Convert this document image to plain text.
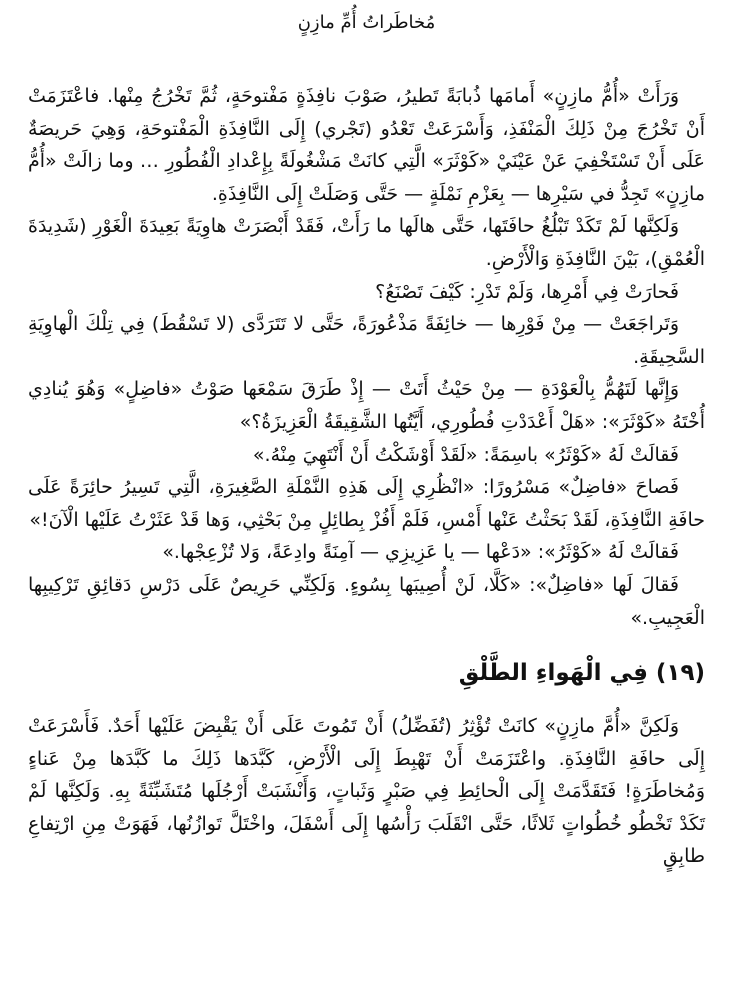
مُخاطَراتُ أُمِّ مازِنٍ

وَرَأَتْ «أُمُّ مازِنٍ» أَمامَها ذُبابَةً تَطيرُ، صَوْبَ نافِذَةٍ مَفْتوحَةٍ، ثُمَّ تَخْرُجُ مِنْها. فاعْتَزَمَتْ أَنْ تَخْرُجَ مِنْ ذَلِكَ الْمَنْفَذِ، وَأَسْرَعَتْ تَعْدُو (تَجْري) إِلَى النَّافِذَةِ الْمَفْتوحَةِ، وَهِيَ حَريصَةٌ عَلَى أَنْ تَسْتَخْفِيَ عَنْ عَيْنَيْ «كَوْثَرَ» الَّتِي كانَتْ مَشْغُولَةً بِإِعْدادِ الْفُطُورِ … وما زالَتْ «أُمُّ مازِنٍ» تَجِدُّ في سَيْرِها — بِعَزْمِ نَمْلَةٍ — حَتَّى وَصَلَتْ إِلَى النَّافِذَةِ.

وَلَكِنَّها لَمْ تَكَدْ تَبْلُغُ حافَتَها، حَتَّى هالَها ما رَأَتْ، فَقَدْ أَبْصَرَتْ هاوِيَةً بَعِيدَةَ الْغَوْرِ (شَدِيدَةَ الْعُمْقِ)، بَيْنَ النَّافِذَةِ وَالْأَرْضِ.

فَحارَتْ فِي أَمْرِها، وَلَمْ تَدْرِ: كَيْفَ تَصْنَعُ؟

وَتَراجَعَتْ — مِنْ فَوْرِها — خائِفَةً مَذْعُورَةً، حَتَّى لا تَتَرَدَّى (لا تَسْقُطَ) فِي تِلْكَ الْهاوِيَةِ السَّحِيقَةِ.

وَإِنَّها لَتَهُمُّ بِالْعَوْدَةِ — مِنْ حَيْثُ أَتَتْ — إِذْ طَرَقَ سَمْعَها صَوْتُ «فاضِلٍ» وَهُوَ يُنادِي أُخْتَهُ «كَوْثَرَ»: «هَلْ أَعْدَدْتِ فُطُورِي، أَيَّتُها الشَّقِيقَةُ الْعَزِيزَةُ؟»

فَقالَتْ لَهُ «كَوْثَرُ» باسِمَةً: «لَقَدْ أَوْشَكْتُ أَنْ أَنْتَهِيَ مِنْهُ.»

فَصاحَ «فاضِلٌ» مَسْرُورًا: «انْظُرِي إِلَى هَذِهِ النَّمْلَةِ الصَّغِيرَةِ، الَّتِي تَسِيرُ حائِرَةً عَلَى حافَةِ النَّافِذَةِ، لَقَدْ بَحَثْتُ عَنْها أَمْسِ، فَلَمْ أَفُزْ بِطائِلٍ مِنْ بَحْثِي، وَها قَدْ عَثَرْتُ عَلَيْها الْآنَ!»

فَقالَتْ لَهُ «كَوْثَرُ»: «دَعْها — يا عَزِيزِي — آمِنَةً وادِعَةً، وَلا تُزْعِجْها.»

فَقالَ لَها «فاضِلٌ»: «كَلَّا، لَنْ أُصِيبَها بِسُوءٍ. وَلَكِنِّي حَرِيصٌ عَلَى دَرْسِ دَقائِقِ تَرْكِيبِها الْعَجِيبِ.»

(١٩) فِي الْهَواءِ الطَّلْقِ

وَلَكِنَّ «أُمَّ مازِنٍ» كانَتْ تُؤْثِرُ (تُفَضِّلُ) أَنْ تَمُوتَ عَلَى أَنْ يَقْبِضَ عَلَيْها أَحَدٌ. فَأَسْرَعَتْ إِلَى حافَةِ النَّافِذَةِ. واعْتَزَمَتْ أَنْ تَهْبِطَ إِلَى الْأَرْضِ، كَبَّدَها ذَلِكَ ما كَبَّدَها مِنْ عَناءٍ وَمُخاطَرَةٍ! فَتَقَدَّمَتْ إِلَى الْحائِطِ فِي صَبْرٍ وَثَباتٍ، وَأَنْشَبَتْ أَرْجُلَها مُتَشَبِّثَةً بِهِ. وَلَكِنَّها لَمْ تَكَدْ تَخْطُو خُطُواتٍ ثَلاثًا، حَتَّى انْقَلَبَ رَأْسُها إِلَى أَسْفَلَ، واخْتَلَّ تَوازُنُها، فَهَوَتْ مِنِ ارْتِفاعِ طابِقٍ
